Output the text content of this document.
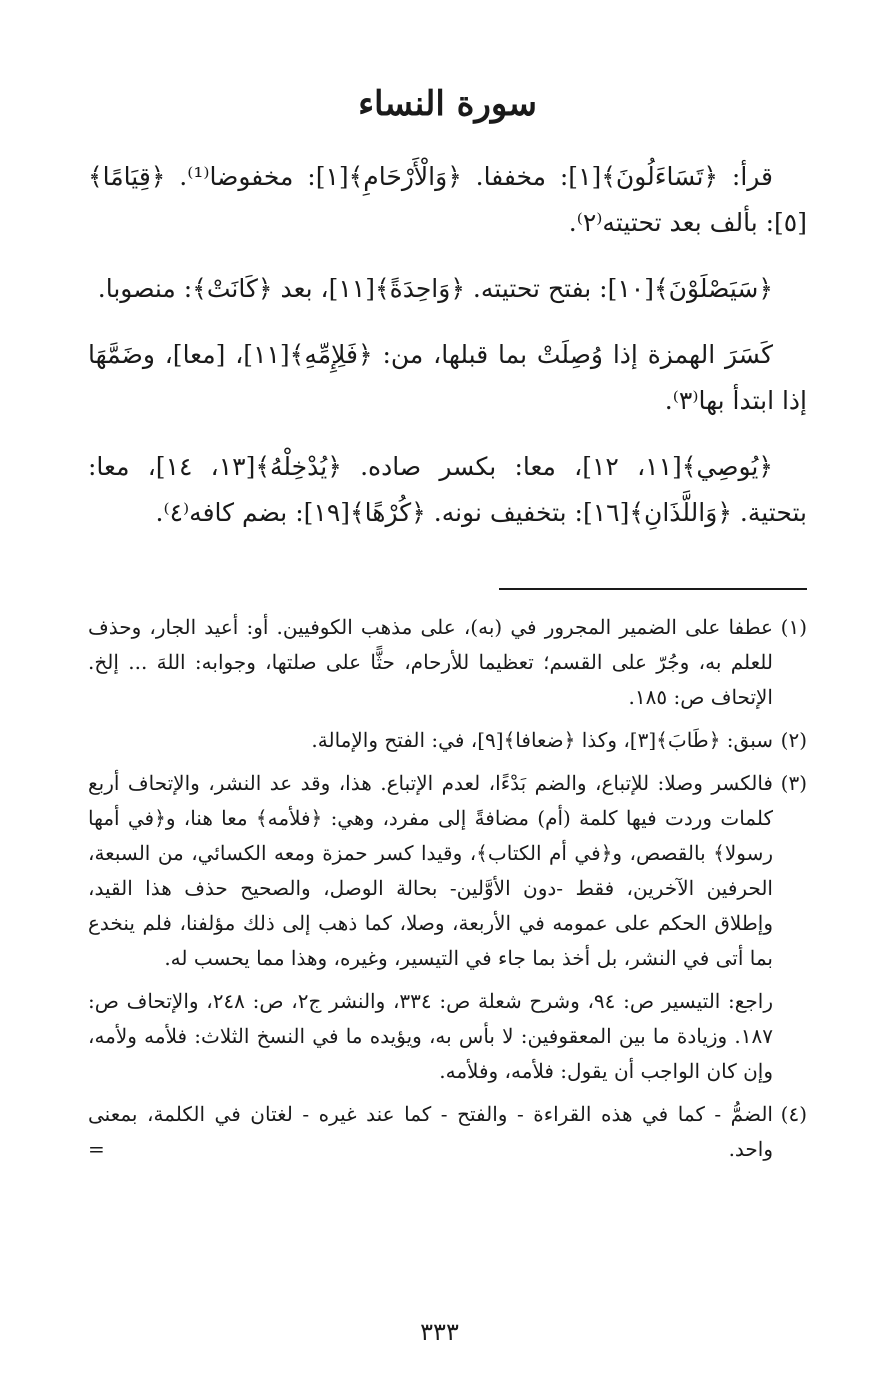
سورة النساء

قرأ: ﴿تَسَاءَلُونَ﴾[١]: مخففا. ﴿وَالْأَرْحَامِ﴾[١]: مخفوضا⁽¹⁾. ﴿قِيَامًا﴾[٥]: بألف بعد تحتيته⁽٢⁾.

﴿سَيَصْلَوْنَ﴾[١٠]: بفتح تحتيته. ﴿وَاحِدَةً﴾[١١]، بعد ﴿كَانَتْ﴾: منصوبا.

كَسَرَ الهمزة إذا وُصِلَتْ بما قبلها، من: ﴿فَلِإِمِّهِ﴾[١١]، [معا]، وضَمَّهَا إذا ابتدأ بها⁽٣⁾.

﴿يُوصِي﴾[١١، ١٢]، معا: بكسر صاده. ﴿يُدْخِلْهُ﴾[١٣، ١٤]، معا: بتحتية. ﴿وَاللَّذَانِ﴾[١٦]: بتخفيف نونه. ﴿كُرْهًا﴾[١٩]: بضم كافه⁽٤⁾.

(١)
عطفا على الضمير المجرور في (به)، على مذهب الكوفيين. أو: أعيد الجار، وحذف للعلم به، وجُرّ على القسم؛ تعظيما للأرحام، حثًّا على صلتها، وجوابه: اللهَ ... إلخ. الإتحاف ص: ١٨٥.
(٢)
سبق: ﴿طَابَ﴾[٣]، وكذا ﴿ضعافا﴾[٩]، في: الفتح والإمالة.
(٣)
فالكسر وصلا: للإتباع، والضم بَدْءًا، لعدم الإتباع. هذا، وقد عد النشر، والإتحاف أربع كلمات وردت فيها كلمة (أم) مضافةً إلى مفرد، وهي: ﴿فلأمه﴾ معا هنا، و﴿في أمها رسولا﴾ بالقصص، و﴿في أم الكتاب﴾، وقيدا كسر حمزة ومعه الكسائي، من السبعة، الحرفين الآخرين، فقط -دون الأوَّلين- بحالة الوصل، والصحيح حذف هذا القيد، وإطلاق الحكم على عمومه في الأربعة، وصلا، كما ذهب إلى ذلك مؤلفنا، فلم ينخدع بما أتى في النشر، بل أخذ بما جاء في التيسير، وغيره، وهذا مما يحسب له.
راجع: التيسير ص: ٩٤، وشرح شعلة ص: ٣٣٤، والنشر ج٢، ص: ٢٤٨، والإتحاف ص: ١٨٧. وزيادة ما بين المعقوفين: لا بأس به، ويؤيده ما في النسخ الثلاث: فلأمه ولأمه، وإن كان الواجب أن يقول: فلأمه، وفلأمه.
(٤)
الضمُّ - كما في هذه القراءة - والفتح - كما عند غيره - لغتان في الكلمة، بمعنى واحد.
=
٣٣٣
